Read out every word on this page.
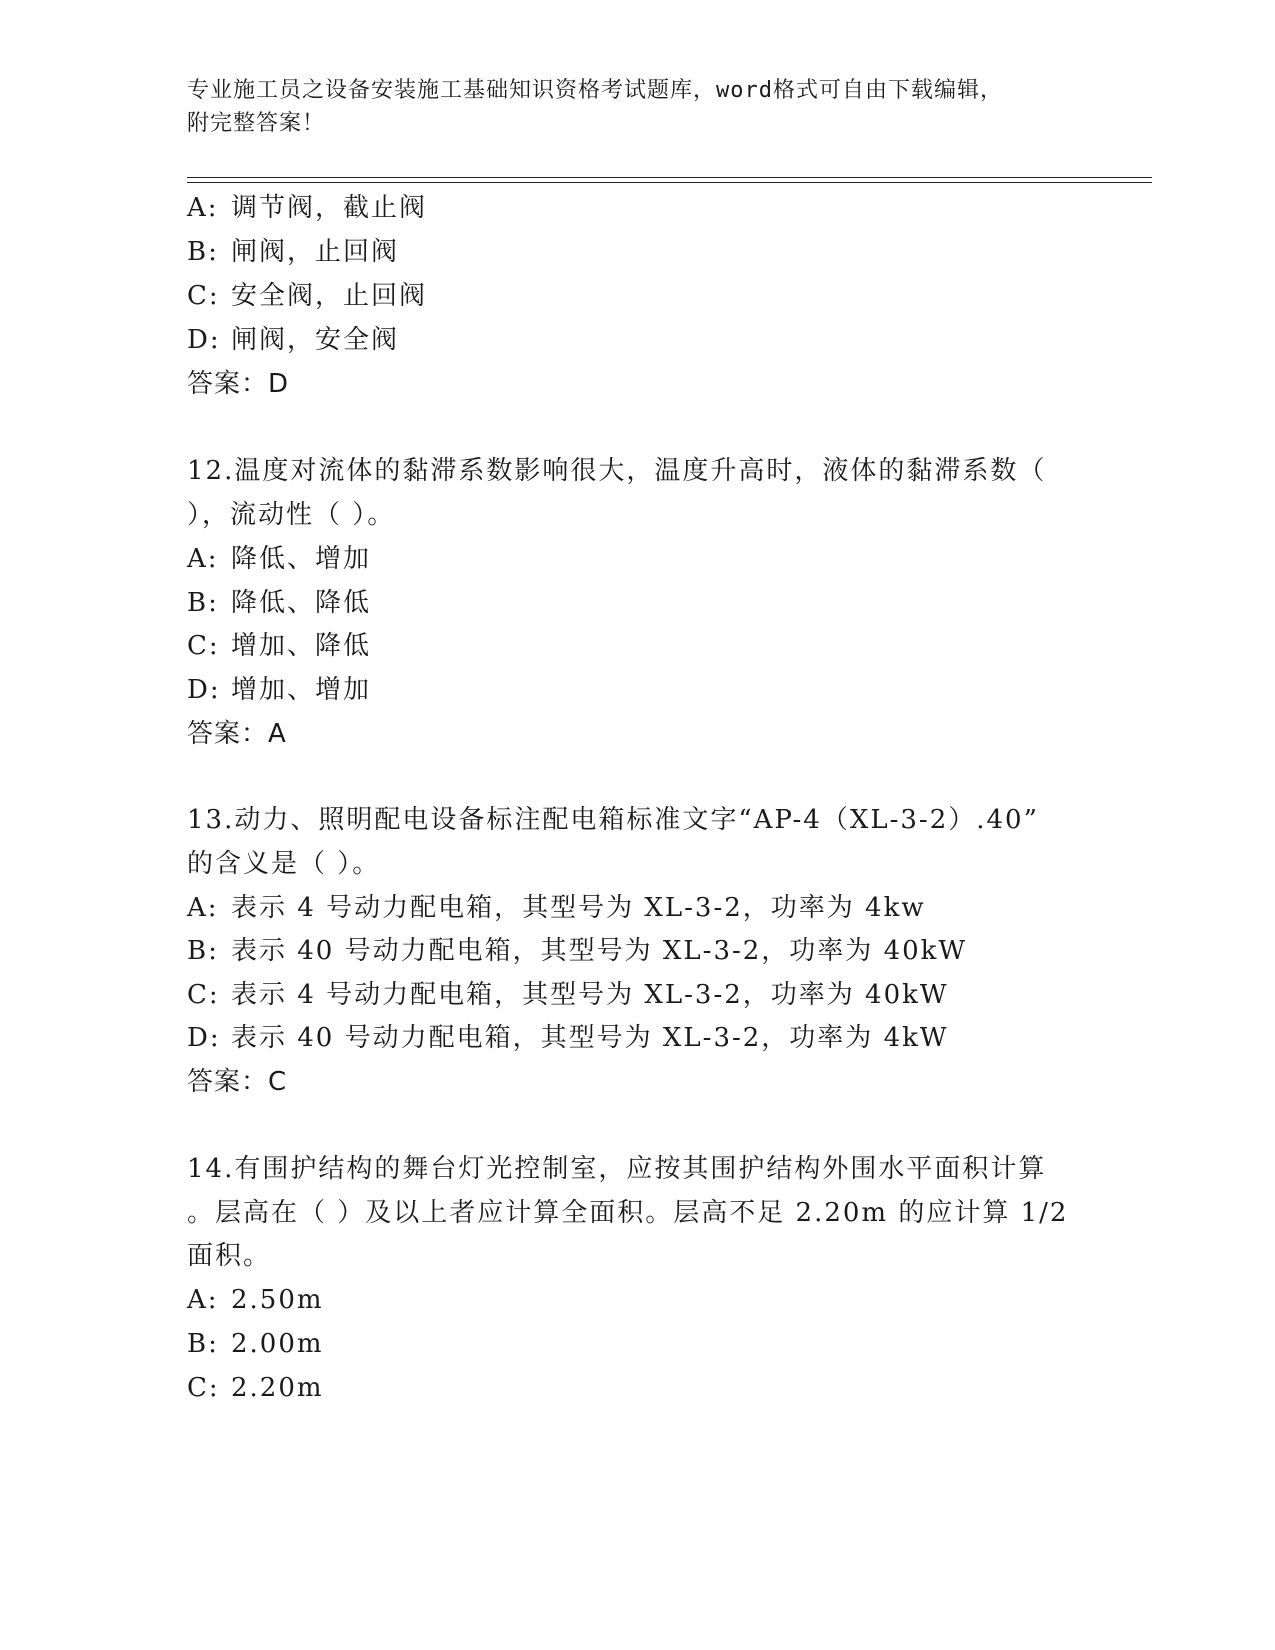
专业施工员之设备安装施工基础知识资格考试题库，word格式可自由下载编辑，
附完整答案！
A: 调节阀，截止阀
B: 闸阀，止回阀
C: 安全阀，止回阀
D: 闸阀，安全阀
答案：D
12.温度对流体的黏滞系数影响很大，温度升高时，液体的黏滞系数（
），流动性（ ）。
A: 降低、增加
B: 降低、降低
C: 增加、降低
D: 增加、增加
答案：A
13.动力、照明配电设备标注配电箱标准文字“AP-4（XL-3-2）.40”
的含义是（ ）。
A: 表示 4 号动力配电箱，其型号为 XL-3-2，功率为 4kw
B: 表示 40 号动力配电箱，其型号为 XL-3-2，功率为 40kW
C: 表示 4 号动力配电箱，其型号为 XL-3-2，功率为 40kW
D: 表示 40 号动力配电箱，其型号为 XL-3-2，功率为 4kW
答案：C
14.有围护结构的舞台灯光控制室，应按其围护结构外围水平面积计算
。层高在（ ）及以上者应计算全面积。层高不足 2.20m 的应计算 1/2
面积。
A: 2.50m
B: 2.00m
C: 2.20m
